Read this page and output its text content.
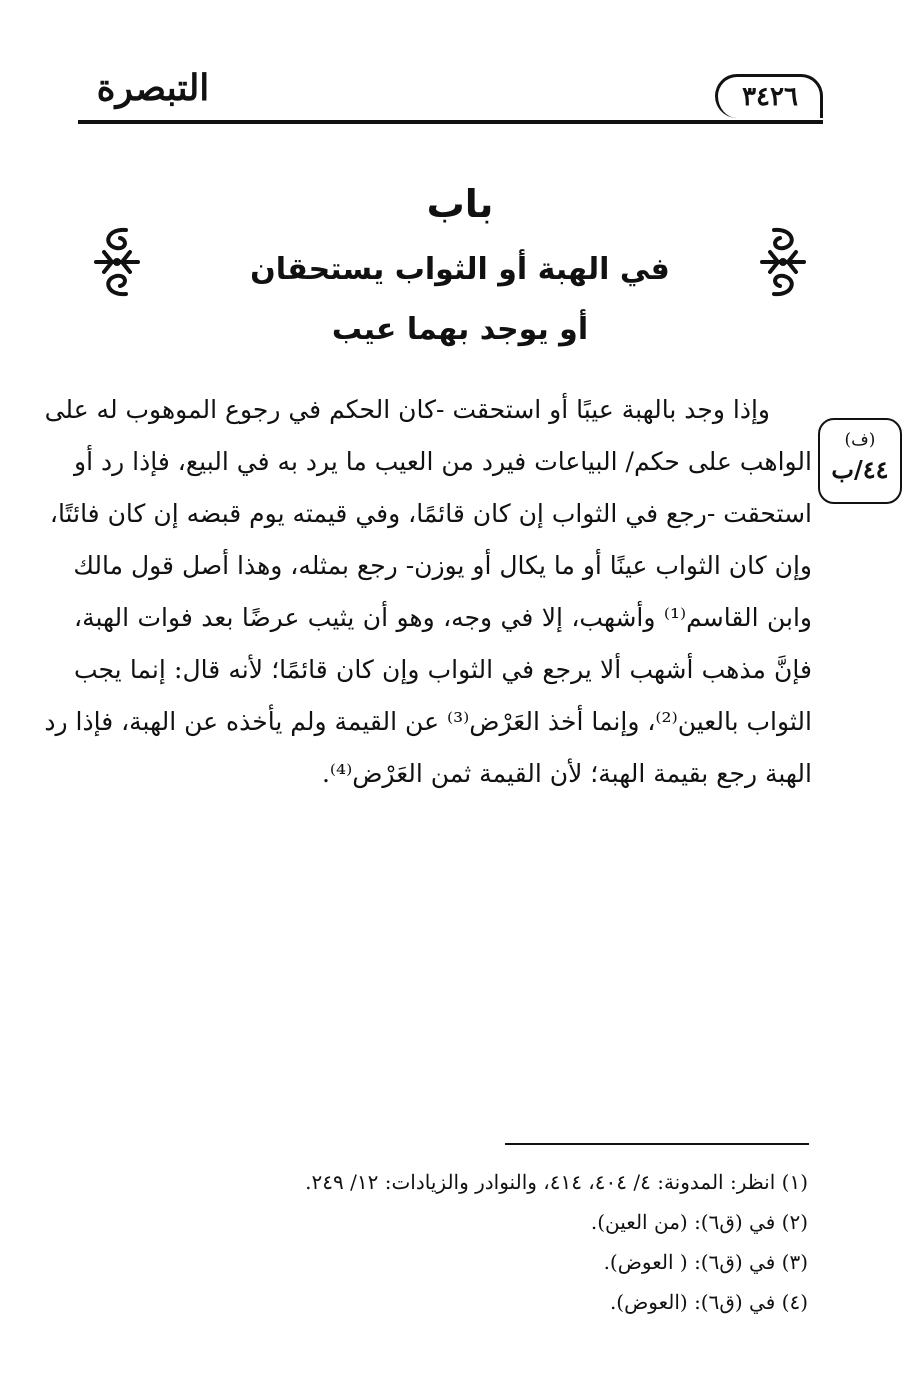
التبصرة	٣٤٢٦
باب
في الهبة أو الثواب يستحقان
أو يوجد بهما عيب
(ف)
٤٤/ب
وإذا وجد بالهبة عيبًا أو استحقت -كان الحكم في رجوع الموهوب له على
الواهب على حكم/ البياعات فيرد من العيب ما يرد به في البيع، فإذا رد أو
استحقت -رجع في الثواب إن كان قائمًا، وفي قيمته يوم قبضه إن كان فائتًا،
وإن كان الثواب عينًا أو ما يكال أو يوزن- رجع بمثله، وهذا أصل قول مالك
وابن القاسم⁽¹⁾ وأشهب، إلا في وجه، وهو أن يثيب عرضًا بعد فوات الهبة،
فإنَّ مذهب أشهب ألا يرجع في الثواب وإن كان قائمًا؛ لأنه قال: إنما يجب
الثواب بالعين⁽²⁾، وإنما أخذ العَرْض⁽³⁾ عن القيمة ولم يأخذه عن الهبة، فإذا رد
الهبة رجع بقيمة الهبة؛ لأن القيمة ثمن العَرْض⁽⁴⁾.
(١) انظر: المدونة: ٤/ ٤٠٤، ٤١٤، والنوادر والزيادات: ١٢/ ٢٤٩.
(٢) في (ق٦): (من العين).
(٣) في (ق٦): ( العوض).
(٤) في (ق٦): (العوض).
